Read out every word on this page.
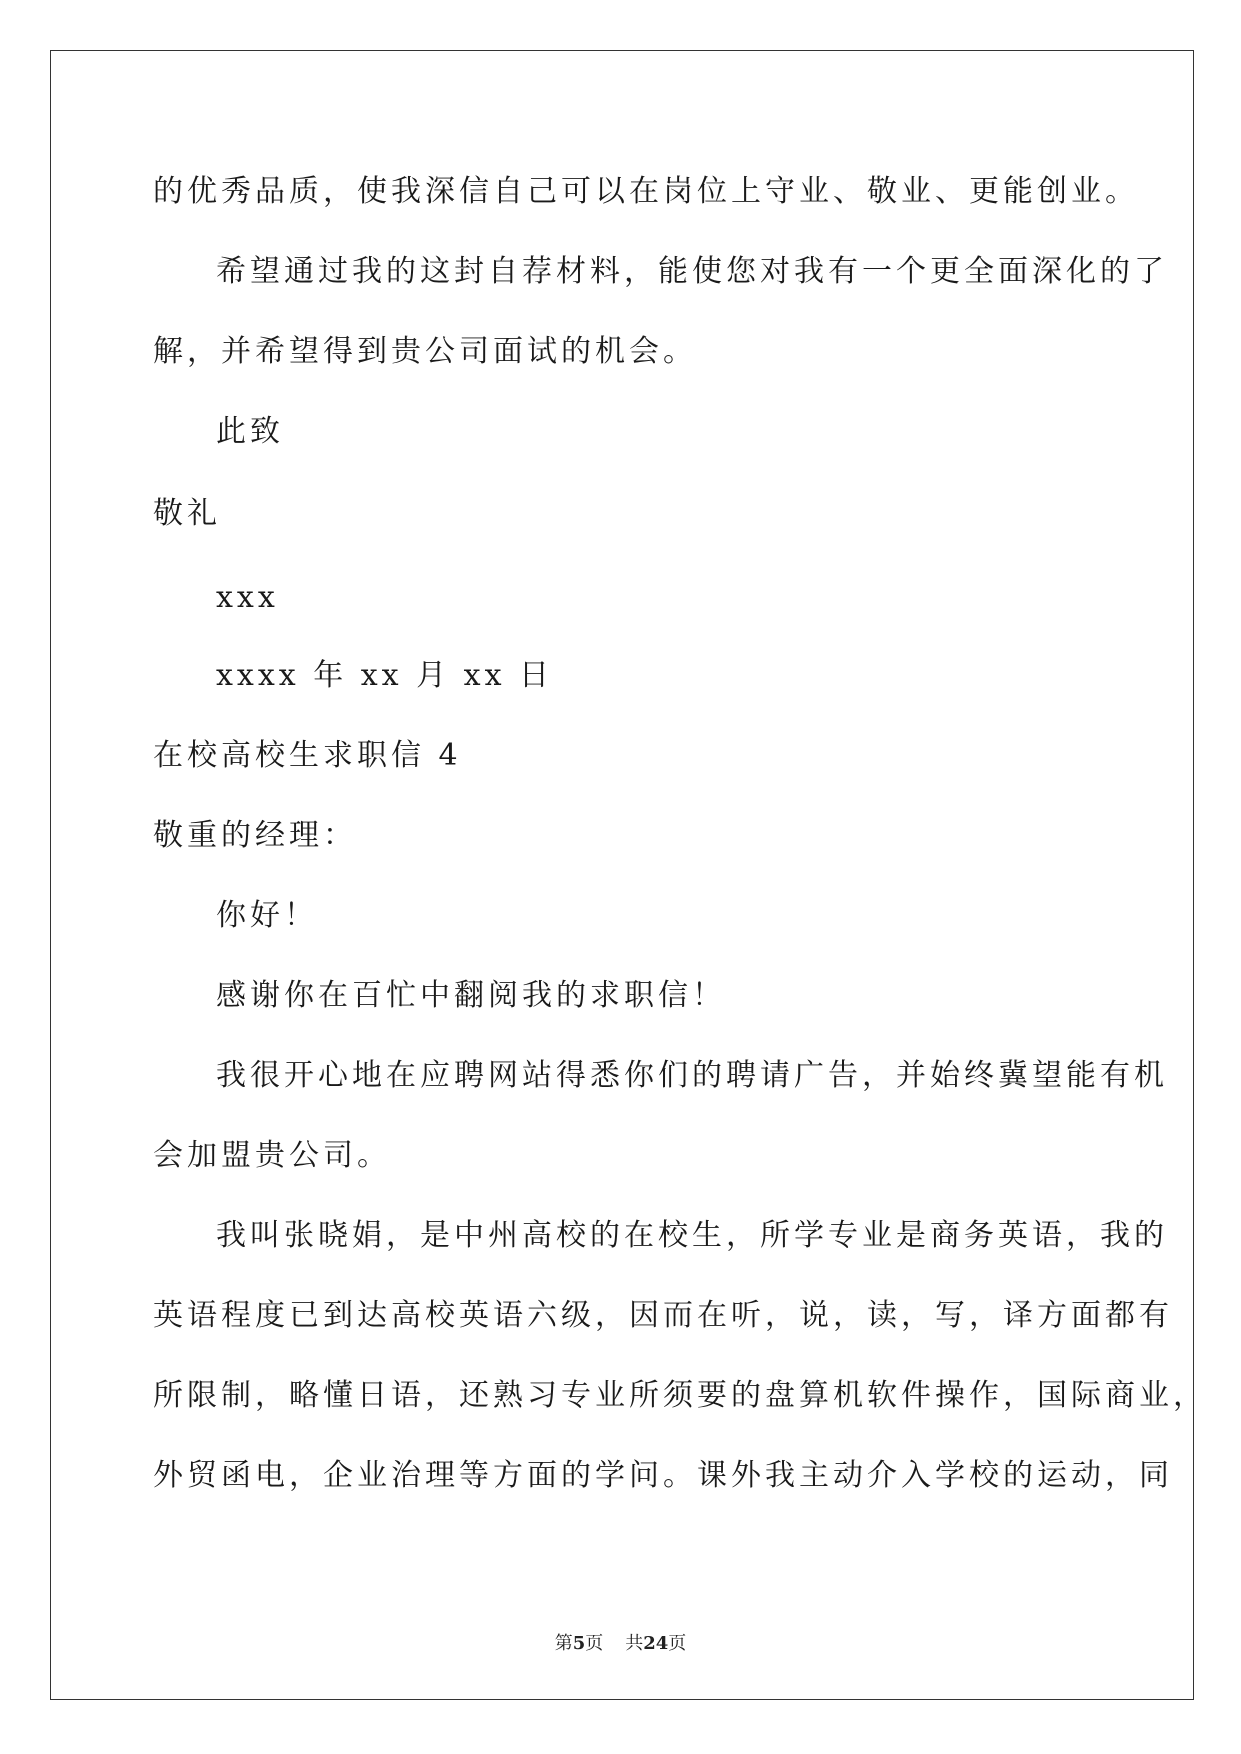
的优秀品质，使我深信自己可以在岗位上守业、敬业、更能创业。
希望通过我的这封自荐材料，能使您对我有一个更全面深化的了
解，并希望得到贵公司面试的机会。
此致
敬礼
xxx
xxxx 年 xx 月 xx 日
在校高校生求职信 4
敬重的经理：
你好！
感谢你在百忙中翻阅我的求职信！
我很开心地在应聘网站得悉你们的聘请广告，并始终冀望能有机
会加盟贵公司。
我叫张晓娟，是中州高校的在校生，所学专业是商务英语，我的
英语程度已到达高校英语六级，因而在听，说，读，写，译方面都有
所限制，略懂日语，还熟习专业所须要的盘算机软件操作，国际商业，
外贸函电，企业治理等方面的学问。课外我主动介入学校的运动，同
第5页 共24页
